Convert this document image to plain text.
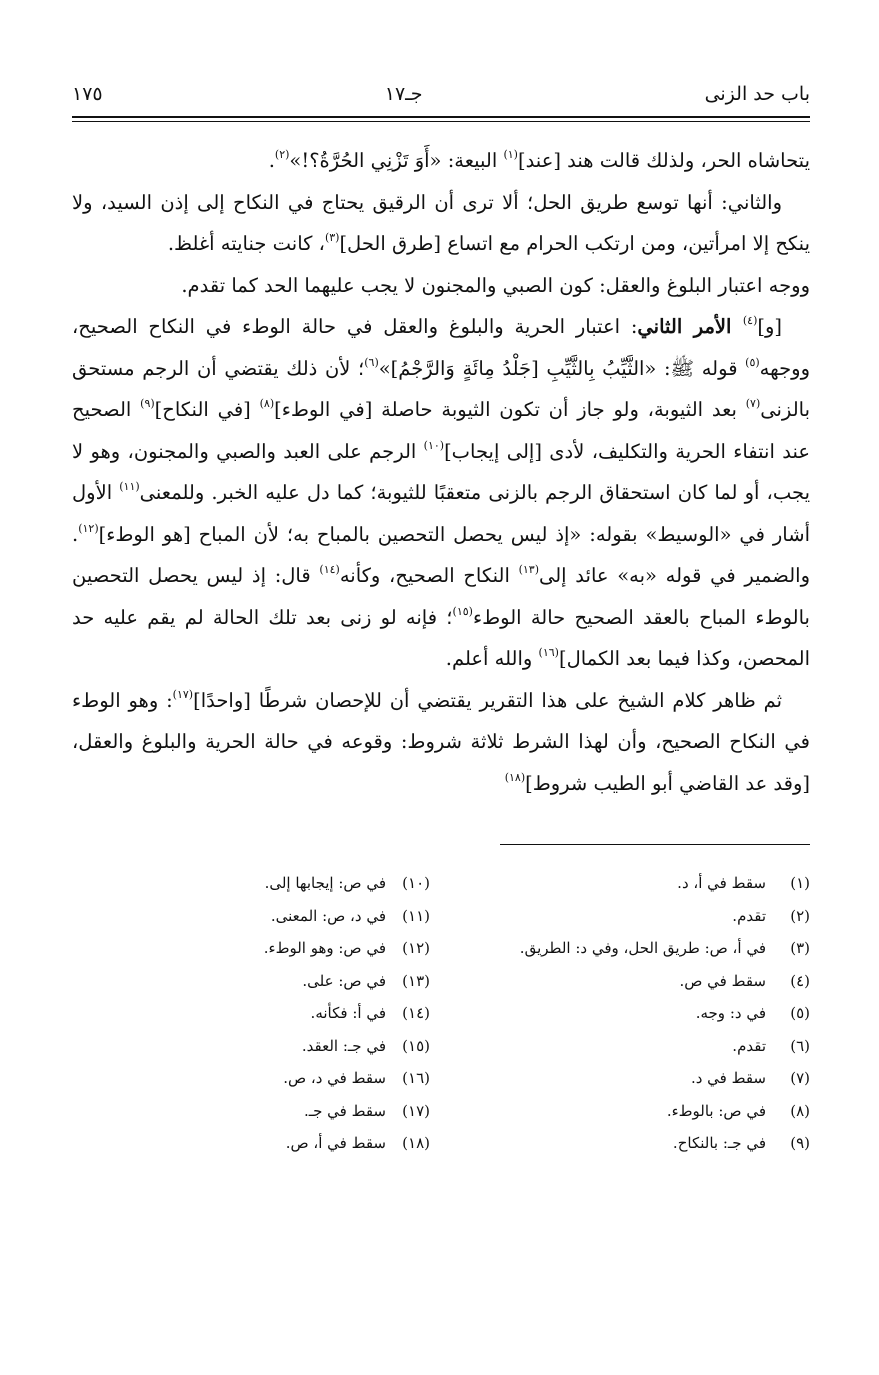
باب حد الزنى
جـ١٧
١٧٥

يتحاشاه الحر، ولذلك قالت هند [عند]$^{(١)}$ البيعة: «أَوَ تَزْنِي الحُرَّةُ؟!»$^{(٢)}$.

والثاني: أنها توسع طريق الحل؛ ألا ترى أن الرقيق يحتاج في النكاح إلى إذن السيد، ولا ينكح إلا امرأتين، ومن ارتكب الحرام مع اتساع [طرق الحل]$^{(٣)}$، كانت جنايته أغلظ.

ووجه اعتبار البلوغ والعقل: كون الصبي والمجنون لا يجب عليهما الحد كما تقدم.

[و]$^{(٤)}$ الأمر الثاني: اعتبار الحرية والبلوغ والعقل في حالة الوطء في النكاح الصحيح، ووجهه$^{(٥)}$ قوله ﷺ: «الثَّيِّبُ بِالثَّيِّبِ [جَلْدُ مِائَةٍ وَالرَّجْمُ]»$^{(٦)}$؛ لأن ذلك يقتضي أن الرجم مستحق بالزنى$^{(٧)}$ بعد الثيوبة، ولو جاز أن تكون الثيوبة حاصلة [في الوطء]$^{(٨)}$ [في النكاح]$^{(٩)}$ الصحيح عند انتفاء الحرية والتكليف، لأدى [إلى إيجاب]$^{(١٠)}$ الرجم على العبد والصبي والمجنون، وهو لا يجب، أو لما كان استحقاق الرجم بالزنى متعقبًا للثيوبة؛ كما دل عليه الخبر. وللمعنى$^{(١١)}$ الأول أشار في «الوسيط» بقوله: «إذ ليس يحصل التحصين بالمباح به؛ لأن المباح [هو الوطء]$^{(١٢)}$. والضمير في قوله «به» عائد إلى$^{(١٣)}$ النكاح الصحيح، وكأنه$^{(١٤)}$ قال: إذ ليس يحصل التحصين بالوطء المباح بالعقد الصحيح حالة الوطء$^{(١٥)}$؛ فإنه لو زنى بعد تلك الحالة لم يقم عليه حد المحصن، وكذا فيما بعد الكمال]$^{(١٦)}$ والله أعلم.

ثم ظاهر كلام الشيخ على هذا التقرير يقتضي أن للإحصان شرطًا [واحدًا]$^{(١٧)}$: وهو الوطء في النكاح الصحيح، وأن لهذا الشرط ثلاثة شروط: وقوعه في حالة الحرية والبلوغ والعقل، [وقد عد القاضي أبو الطيب شروط]$^{(١٨)}$

(١)
سقط في أ، د.
(٢)
تقدم.
(٣)
في أ، ص: طريق الحل، وفي د: الطريق.
(٤)
سقط في ص.
(٥)
في د: وجه.
(٦)
تقدم.
(٧)
سقط في د.
(٨)
في ص: بالوطء.
(٩)
في جـ: بالنكاح.
(١٠)
في ص: إيجابها إلى.
(١١)
في د، ص: المعنى.
(١٢)
في ص: وهو الوطء.
(١٣)
في ص: على.
(١٤)
في أ: فكأنه.
(١٥)
في جـ: العقد.
(١٦)
سقط في د، ص.
(١٧)
سقط في جـ.
(١٨)
سقط في أ، ص.
